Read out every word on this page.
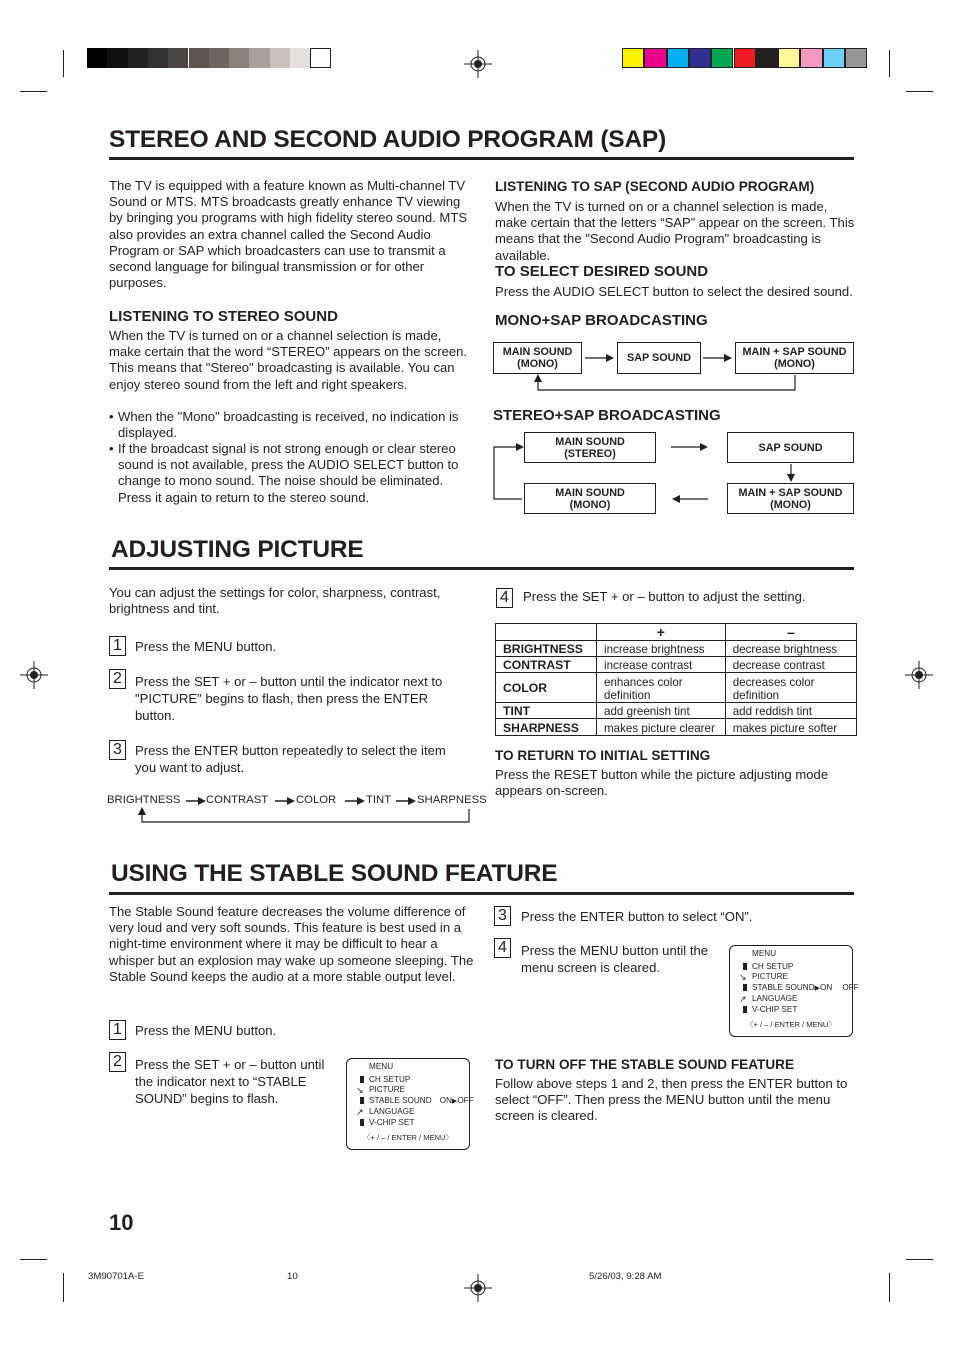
STEREO AND SECOND AUDIO PROGRAM (SAP)
The TV is equipped with a feature known as Multi-channel TV Sound or MTS. MTS broadcasts greatly enhance TV viewing by bringing you programs with high fidelity stereo sound. MTS also provides an extra channel called the Second Audio Program or SAP which broadcasters can use to transmit a second language for bilingual transmission or for other purposes.
LISTENING TO STEREO SOUND
When the TV is turned on or a channel selection is made, make certain that the word “STEREO” appears on the screen. This means that "Stereo" broadcasting is available. You can enjoy stereo sound from the left and right speakers.
• When the "Mono" broadcasting is received, no indication is displayed.
• If the broadcast signal is not strong enough or clear stereo sound is not available, press the AUDIO SELECT button to change to mono sound. The noise should be eliminated. Press it again to return to the stereo sound.
LISTENING TO SAP (SECOND AUDIO PROGRAM)
When the TV is turned on or a channel selection is made, make certain that the letters “SAP” appear on the screen. This means that the "Second Audio Program" broadcasting is available.
TO SELECT DESIRED SOUND
Press the AUDIO SELECT button to select the desired sound.
MONO+SAP BROADCASTING
MAIN SOUND
(MONO)	SAP SOUND	MAIN + SAP SOUND
(MONO)
STEREO+SAP BROADCASTING
MAIN SOUND
(STEREO)	SAP SOUND
MAIN + SAP SOUND
(MONO)
MAIN SOUND
(MONO)
ADJUSTING PICTURE
You can adjust the settings for color, sharpness, contrast, brightness and tint.
1 Press the MENU button.
2 Press the SET + or – button until the indicator next to "PICTURE" begins to flash, then press the ENTER button.
3 Press the ENTER button repeatedly to select the item you want to adjust.
BRIGHTNESS CONTRAST COLOR	TINT SHARPNESS
4	Press the SET + or – button to adjust the setting.
	+	–
BRIGHTNESS	increase brightness	decrease brightness
CONTRAST	increase contrast	decrease contrast
COLOR	enhances color definition	decreases color definition
TINT	add greenish tint	add reddish tint
SHARPNESS	makes picture clearer	makes picture softer
TO RETURN TO INITIAL SETTING
Press the RESET button while the picture adjusting mode appears on-screen.
USING THE STABLE SOUND FEATURE
The Stable Sound feature decreases the volume difference of very loud and very soft sounds. This feature is best used in a night-time environment where it may be difficult to hear a whisper but an explosion may wake up someone sleeping. The Stable Sound keeps the audio at a more stable output level.
1 Press the MENU button.
2 Press the SET + or – button until the indicator next to “STABLE SOUND” begins to flash.
3	Press the ENTER button to select “ON”.
4	Press the MENU button until the menu screen is cleared.
MENU
CH SETUP
↘ PICTURE
STABLE SOUND ON▶OFF
↗ LANGUAGE
V-CHIP SET
〈+ / – / ENTER / MENU〉
MENU
CH SETUP
↘ PICTURE
STABLE SOUND▶ON OFF
↗ LANGUAGE
V-CHIP SET
〈+ / – / ENTER / MENU〉
TO TURN OFF THE STABLE SOUND FEATURE
Follow above steps 1 and 2, then press the ENTER button to select “OFF”. Then press the MENU button until the menu screen is cleared.
10
3M90701A-E	10	5/26/03, 9:28 AM
